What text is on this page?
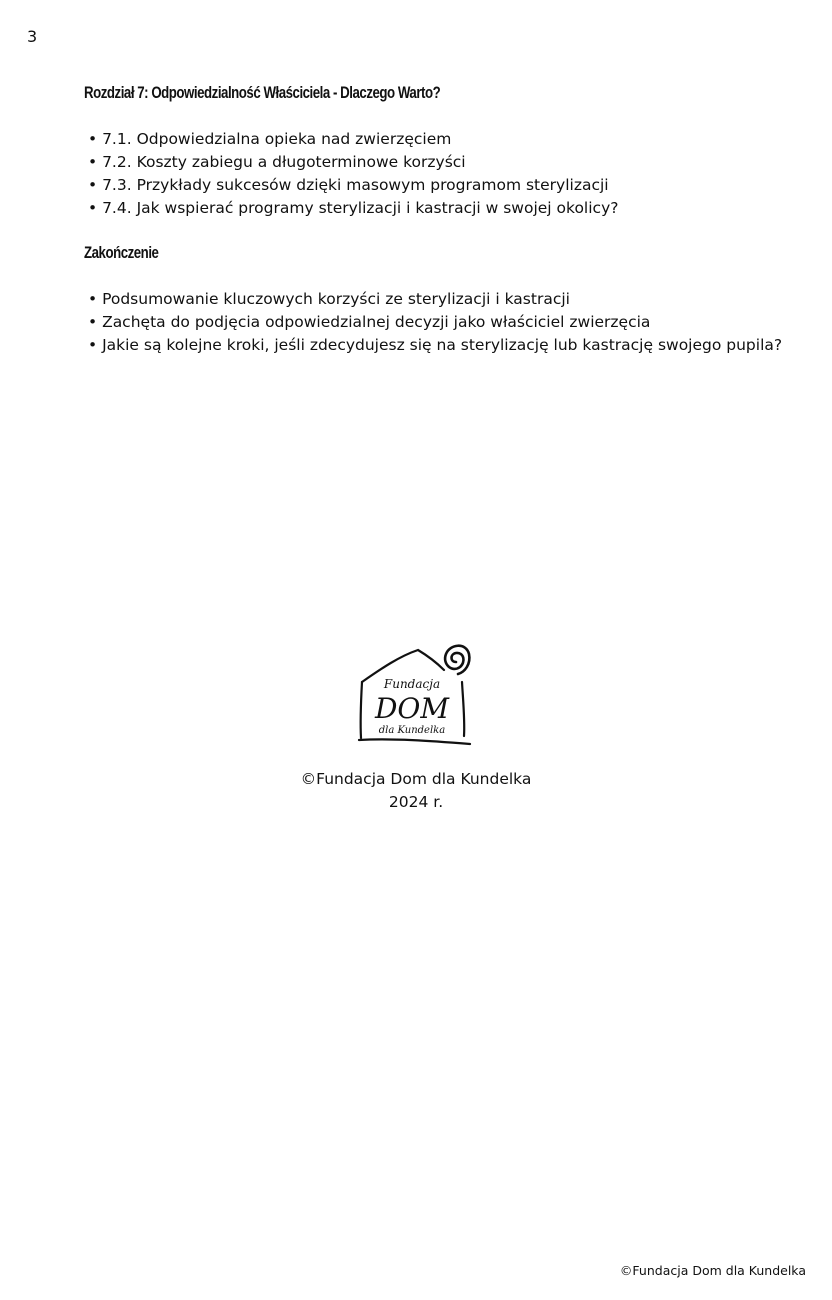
3
Rozdział 7: Odpowiedzialność Właściciela - Dlaczego Warto?
• 7.1. Odpowiedzialna opieka nad zwierzęciem
• 7.2. Koszty zabiegu a długoterminowe korzyści
• 7.3. Przykłady sukcesów dzięki masowym programom sterylizacji
• 7.4. Jak wspierać programy sterylizacji i kastracji w swojej okolicy?
Zakończenie
• Podsumowanie kluczowych korzyści ze sterylizacji i kastracji
• Zachęta do podjęcia odpowiedzialnej decyzji jako właściciel zwierzęcia
• Jakie są kolejne kroki, jeśli zdecydujesz się na sterylizację lub kastrację swojego pupila?
Fundacja
DOM
dla Kundelka
©Fundacja Dom dla Kundelka
2024 r.
©Fundacja Dom dla Kundelka
